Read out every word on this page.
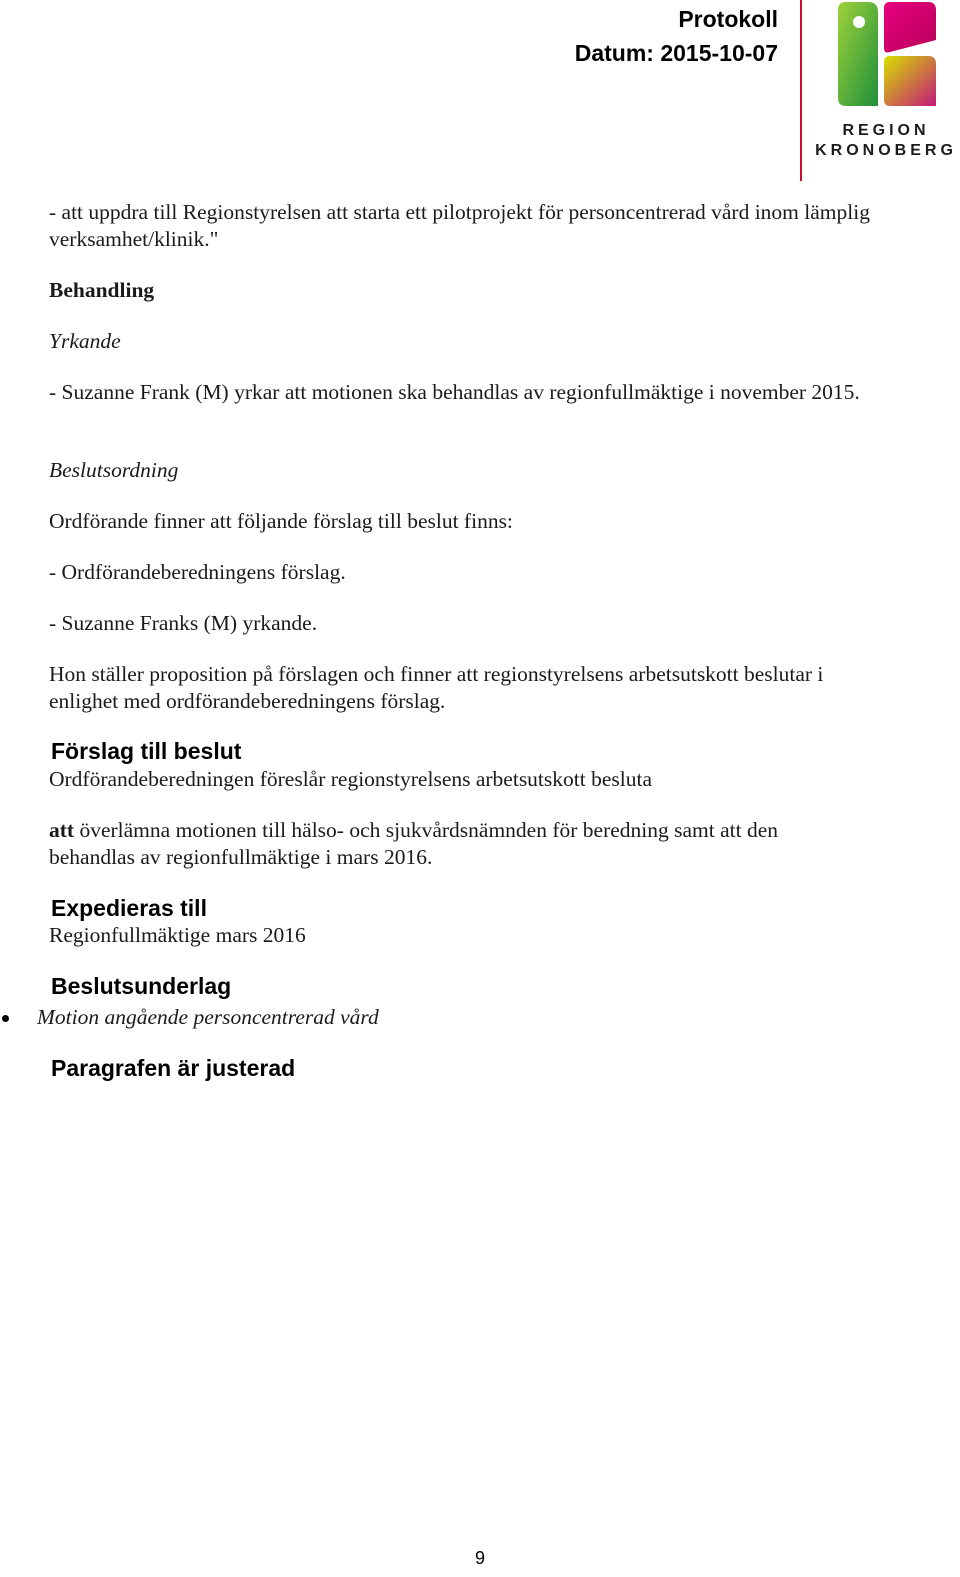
Protokoll
Datum: 2015-10-07
REGION
KRONOBERG

- att uppdra till Regionstyrelsen att starta ett pilotprojekt för personcentrerad vård inom lämplig verksamhet/klinik."

Behandling

Yrkande

- Suzanne Frank (M) yrkar att motionen ska behandlas av regionfullmäktige i november 2015.

Beslutsordning

Ordförande finner att följande förslag till beslut finns:

- Ordförandeberedningens förslag.

- Suzanne Franks (M) yrkande.

Hon ställer proposition på förslagen och finner att regionstyrelsens arbetsutskott beslutar i enlighet med ordförandeberedningens förslag.

Förslag till beslut

Ordförandeberedningen föreslår regionstyrelsens arbetsutskott besluta

att överlämna motionen till hälso- och sjukvårdsnämnden för beredning samt att den behandlas av regionfullmäktige i mars 2016.

Expedieras till

Regionfullmäktige mars 2016

Beslutsunderlag

Motion angående personcentrerad vård

Paragrafen är justerad
9
